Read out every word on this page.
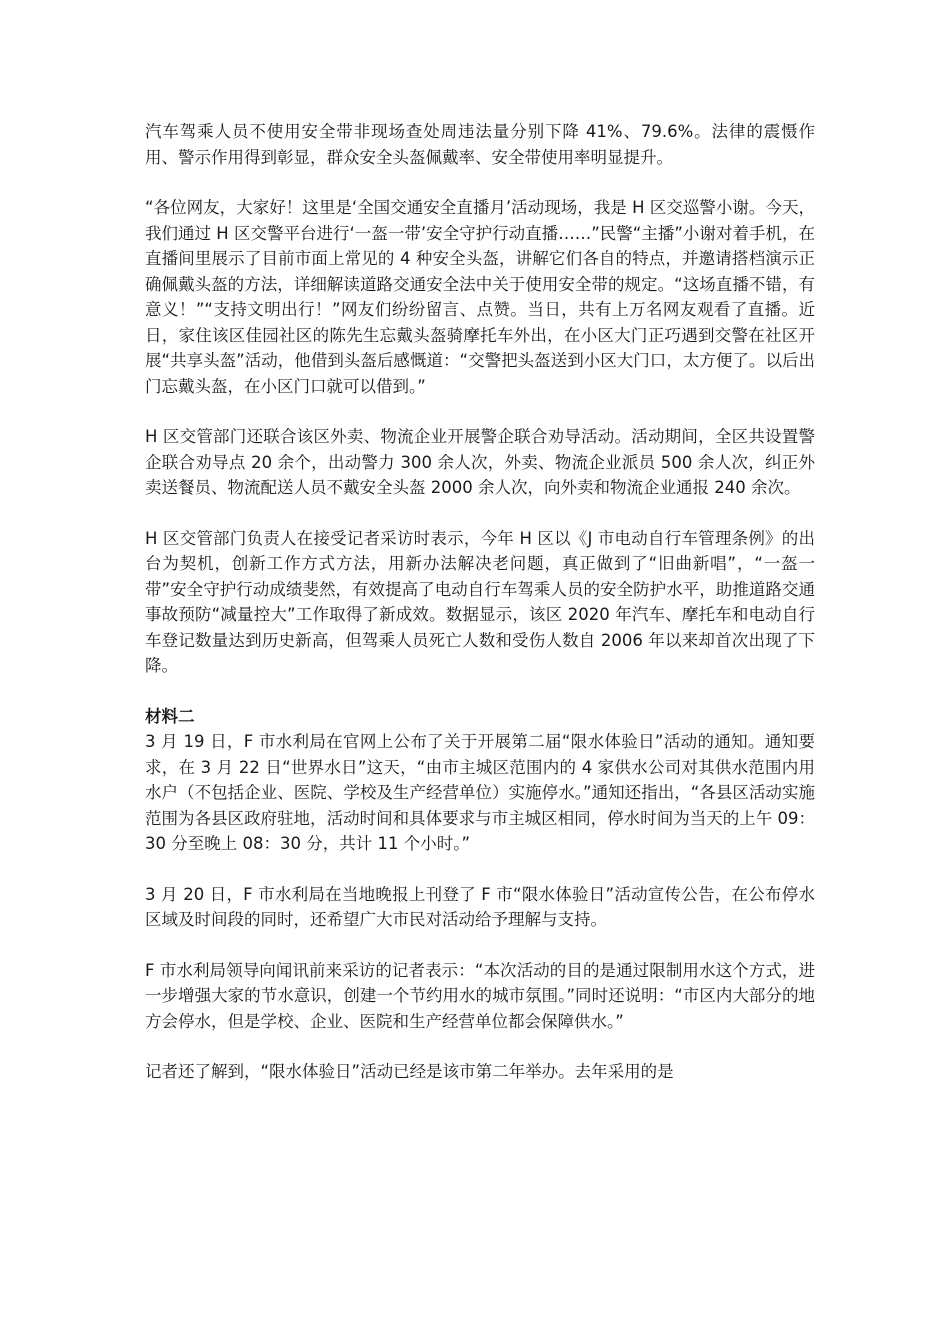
汽车驾乘人员不使用安全带非现场查处周违法量分别下降 41%、79.6%。法律的震慑作用、警示作用得到彰显，群众安全头盔佩戴率、安全带使用率明显提升。

“各位网友，大家好！这里是‘全国交通安全直播月’活动现场，我是 H 区交巡警小谢。今天，我们通过 H 区交警平台进行‘一盔一带’安全守护行动直播……”民警“主播”小谢对着手机，在直播间里展示了目前市面上常见的 4 种安全头盔，讲解它们各自的特点，并邀请搭档演示正确佩戴头盔的方法，详细解读道路交通安全法中关于使用安全带的规定。“这场直播不错，有意义！”“支持文明出行！”网友们纷纷留言、点赞。当日，共有上万名网友观看了直播。近日，家住该区佳园社区的陈先生忘戴头盔骑摩托车外出，在小区大门正巧遇到交警在社区开展“共享头盔”活动，他借到头盔后感慨道：“交警把头盔送到小区大门口，太方便了。以后出门忘戴头盔，在小区门口就可以借到。”

H 区交管部门还联合该区外卖、物流企业开展警企联合劝导活动。活动期间，全区共设置警企联合劝导点 20 余个，出动警力 300 余人次，外卖、物流企业派员 500 余人次，纠正外卖送餐员、物流配送人员不戴安全头盔 2000 余人次，向外卖和物流企业通报 240 余次。

H 区交管部门负责人在接受记者采访时表示，今年 H 区以《J 市电动自行车管理条例》的出台为契机，创新工作方式方法，用新办法解决老问题，真正做到了“旧曲新唱”，“一盔一带”安全守护行动成绩斐然，有效提高了电动自行车驾乘人员的安全防护水平，助推道路交通事故预防“减量控大”工作取得了新成效。数据显示，该区 2020 年汽车、摩托车和电动自行车登记数量达到历史新高，但驾乘人员死亡人数和受伤人数自 2006 年以来却首次出现了下降。

材料二

3 月 19 日，F 市水利局在官网上公布了关于开展第二届“限水体验日”活动的通知。通知要求，在 3 月 22 日“世界水日”这天，“由市主城区范围内的 4 家供水公司对其供水范围内用水户（不包括企业、医院、学校及生产经营单位）实施停水。”通知还指出，“各县区活动实施范围为各县区政府驻地，活动时间和具体要求与市主城区相同，停水时间为当天的上午 09：30 分至晚上 08：30 分，共计 11 个小时。”

3 月 20 日，F 市水利局在当地晚报上刊登了 F 市“限水体验日”活动宣传公告，在公布停水区域及时间段的同时，还希望广大市民对活动给予理解与支持。

F 市水利局领导向闻讯前来采访的记者表示：“本次活动的目的是通过限制用水这个方式，进一步增强大家的节水意识，创建一个节约用水的城市氛围。”同时还说明：“市区内大部分的地方会停水，但是学校、企业、医院和生产经营单位都会保障供水。”

记者还了解到，“限水体验日”活动已经是该市第二年举办。去年采用的是
